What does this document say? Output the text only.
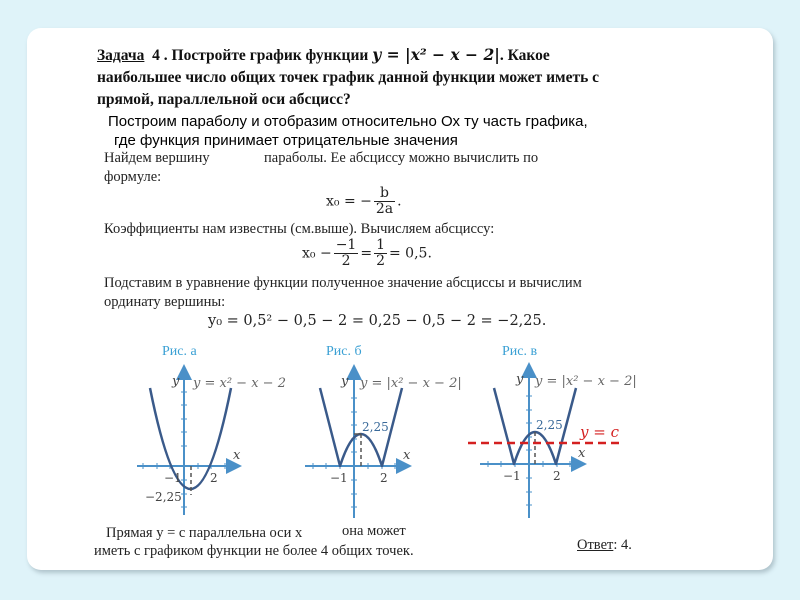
Задача 4 . Постройте график функции y = |x² − x − 2|. Какое
наибольшее число общих точек график данной функции может иметь с
прямой, параллельной оси абсцисс?
Построим параболу и отобразим относительно Ох ту часть графика,
где функция принимает отрицательные значения
Найдем вершину	параболы. Ее абсциссу можно вычислить по
формуле:
x₀ = − $\frac{b}{2a}$ .
Коэффициенты нам известны (см.выше). Вычисляем абсциссу:
$x_0 - \frac{-1}{2} = \frac{1}{2} = 0,5$.
Подставим в уравнение функции полученное значение абсциссы и вычислим
ординату вершины:
y₀ = 0,5² − 0,5 − 2 = 0,25 − 0,5 − 2 = −2,25.
Рис. а	Рис. б	Рис. в
y y = x² − x − 2
x
−1 2
−2,25
y y = |x² − x − 2|
x
−1	2
2,25
y y = |x² − x − 2|
x
−1	2
2,25 y = c
Прямая y = c параллельна оси x	она может
иметь с графиком функции не более 4 общих точек.	Ответ: 4.
